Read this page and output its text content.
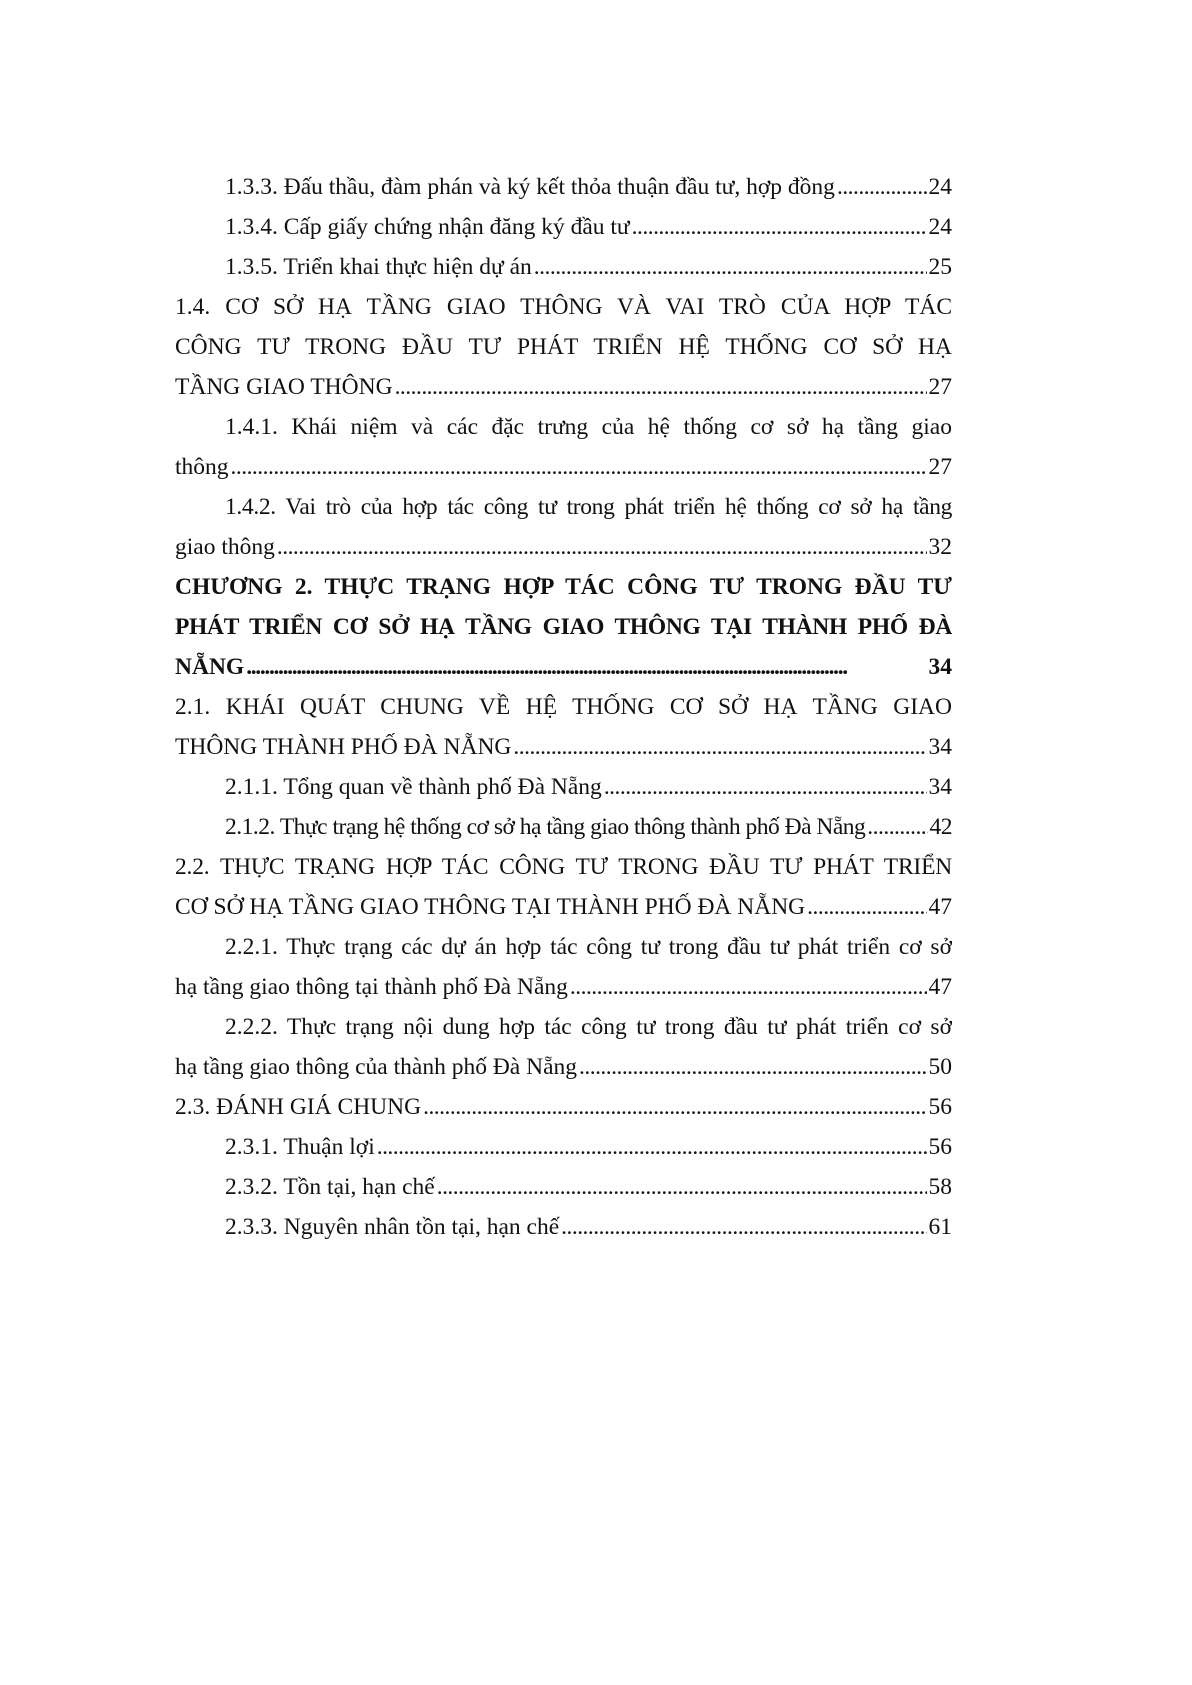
1.3.3. Đấu thầu, đàm phán và ký kết thỏa thuận đầu tư, hợp đồng . . .	24
1.3.4. Cấp giấy chứng nhận đăng ký đầu tư . . .	24
1.3.5. Triển khai thực hiện dự án . . .	25
1.4. CƠ SỞ HẠ TẦNG GIAO THÔNG VÀ VAI TRÒ CỦA HỢP TÁC
CÔNG TƯ TRONG ĐẦU TƯ PHÁT TRIỂN HỆ THỐNG CƠ SỞ HẠ
TẦNG GIAO THÔNG . . .	27
1.4.1. Khái niệm và các đặc trưng của hệ thống cơ sở hạ tầng giao
thông . . .	27
1.4.2. Vai trò của hợp tác công tư trong phát triển hệ thống cơ sở hạ tầng
giao thông . . .	32
CHƯƠNG 2. THỰC TRẠNG HỢP TÁC CÔNG TƯ TRONG ĐẦU TƯ
PHÁT TRIỂN CƠ SỞ HẠ TẦNG GIAO THÔNG TẠI THÀNH PHỐ ĐÀ
NẴNG . . .	34
2.1. KHÁI QUÁT CHUNG VỀ HỆ THỐNG CƠ SỞ HẠ TẦNG GIAO
THÔNG THÀNH PHỐ ĐÀ NẴNG . . .	34
2.1.1. Tổng quan về thành phố Đà Nẵng . . .	34
2.1.2. Thực trạng hệ thống cơ sở hạ tầng giao thông thành phố Đà Nẵng . . .	42
2.2. THỰC TRẠNG HỢP TÁC CÔNG TƯ TRONG ĐẦU TƯ PHÁT TRIỂN
CƠ SỞ HẠ TẦNG GIAO THÔNG TẠI THÀNH PHỐ ĐÀ NẴNG . . .	47
2.2.1. Thực trạng các dự án hợp tác công tư trong đầu tư phát triển cơ sở
hạ tầng giao thông tại thành phố Đà Nẵng . . .	47
2.2.2. Thực trạng nội dung hợp tác công tư trong đầu tư phát triển cơ sở
hạ tầng giao thông của thành phố Đà Nẵng . . .	50
2.3. ĐÁNH GIÁ CHUNG . . .	56
2.3.1. Thuận lợi . . .	56
2.3.2. Tồn tại, hạn chế . . .	58
2.3.3. Nguyên nhân tồn tại, hạn chế . . .	61
